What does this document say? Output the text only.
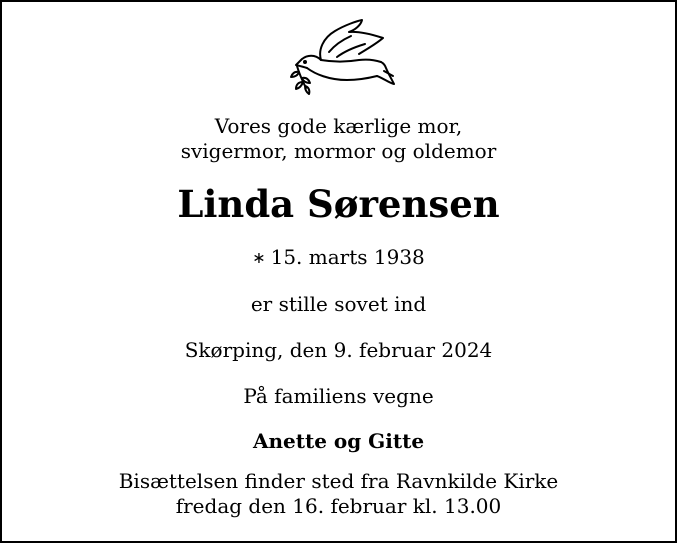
Vores gode kærlige mor,
svigermor, mormor og oldemor
Linda Sørensen
∗ 15. marts 1938
er stille sovet ind
Skørping, den 9. februar 2024
På familiens vegne
Anette og Gitte
Bisættelsen finder sted fra Ravnkilde Kirke
fredag den 16. februar kl. 13.00
